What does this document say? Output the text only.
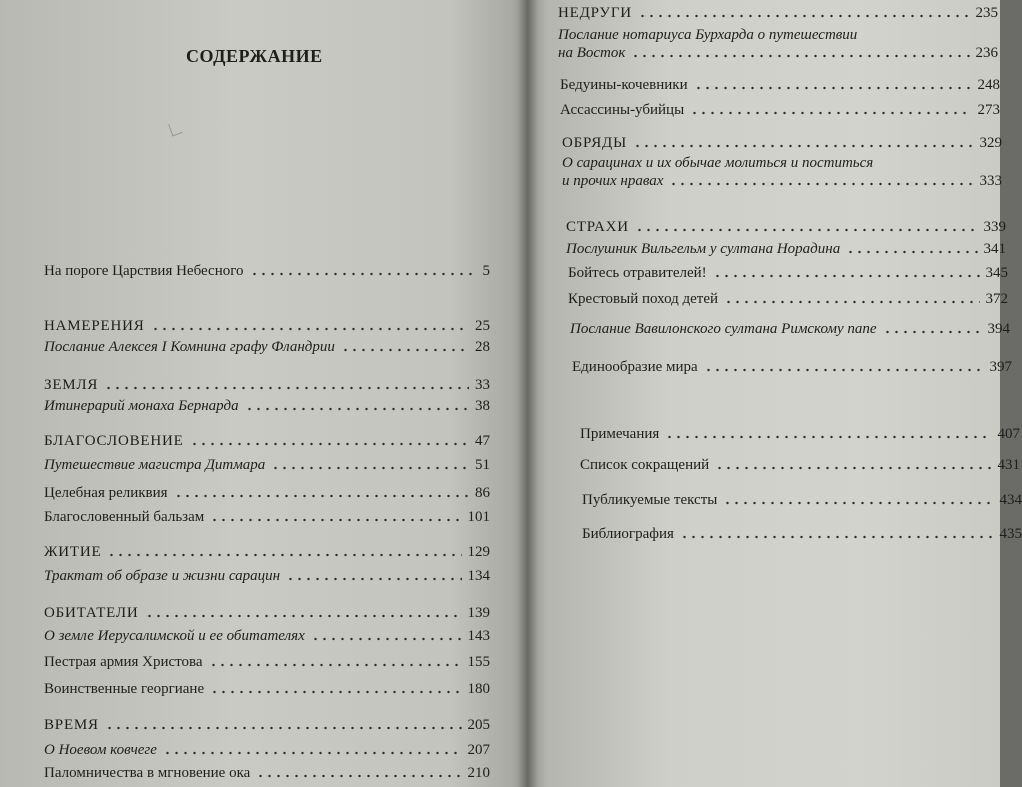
СОДЕРЖАНИЕ
На пороге Царствия Небесного	5
НАМЕРЕНИЯ	25
Послание Алексея I Комнина графу Фландрии	28
ЗЕМЛЯ	33
Итинерарий монаха Бернарда	38
БЛАГОСЛОВЕНИЕ	47
Путешествие магистра Дитмара	51
Целебная реликвия	86
Благословенный бальзам	101
ЖИТИЕ	129
Трактат об образе и жизни сарацин	134
ОБИТАТЕЛИ	139
О земле Иерусалимской и ее обитателях	143
Пестрая армия Христова	155
Воинственные георгиане	180
ВРЕМЯ	205
О Ноевом ковчеге	207
Паломничества в мгновение ока	210
НЕДРУГИ	235
Послание нотариуса Бурхарда о путешествии
на Восток	236
Бедуины-кочевники	248
Ассассины-убийцы	273
ОБРЯДЫ	329
О сарацинах и их обычае молиться и поститься
и прочих нравах	333
СТРАХИ	339
Послушник Вильгельм у султана Норадина	341
Бойтесь отравителей!	345
Крестовый поход детей	372
Послание Вавилонского султана Римскому папе	394
Единообразие мира	397
Примечания	407
Список сокращений	431
Публикуемые тексты	434
Библиография	435
